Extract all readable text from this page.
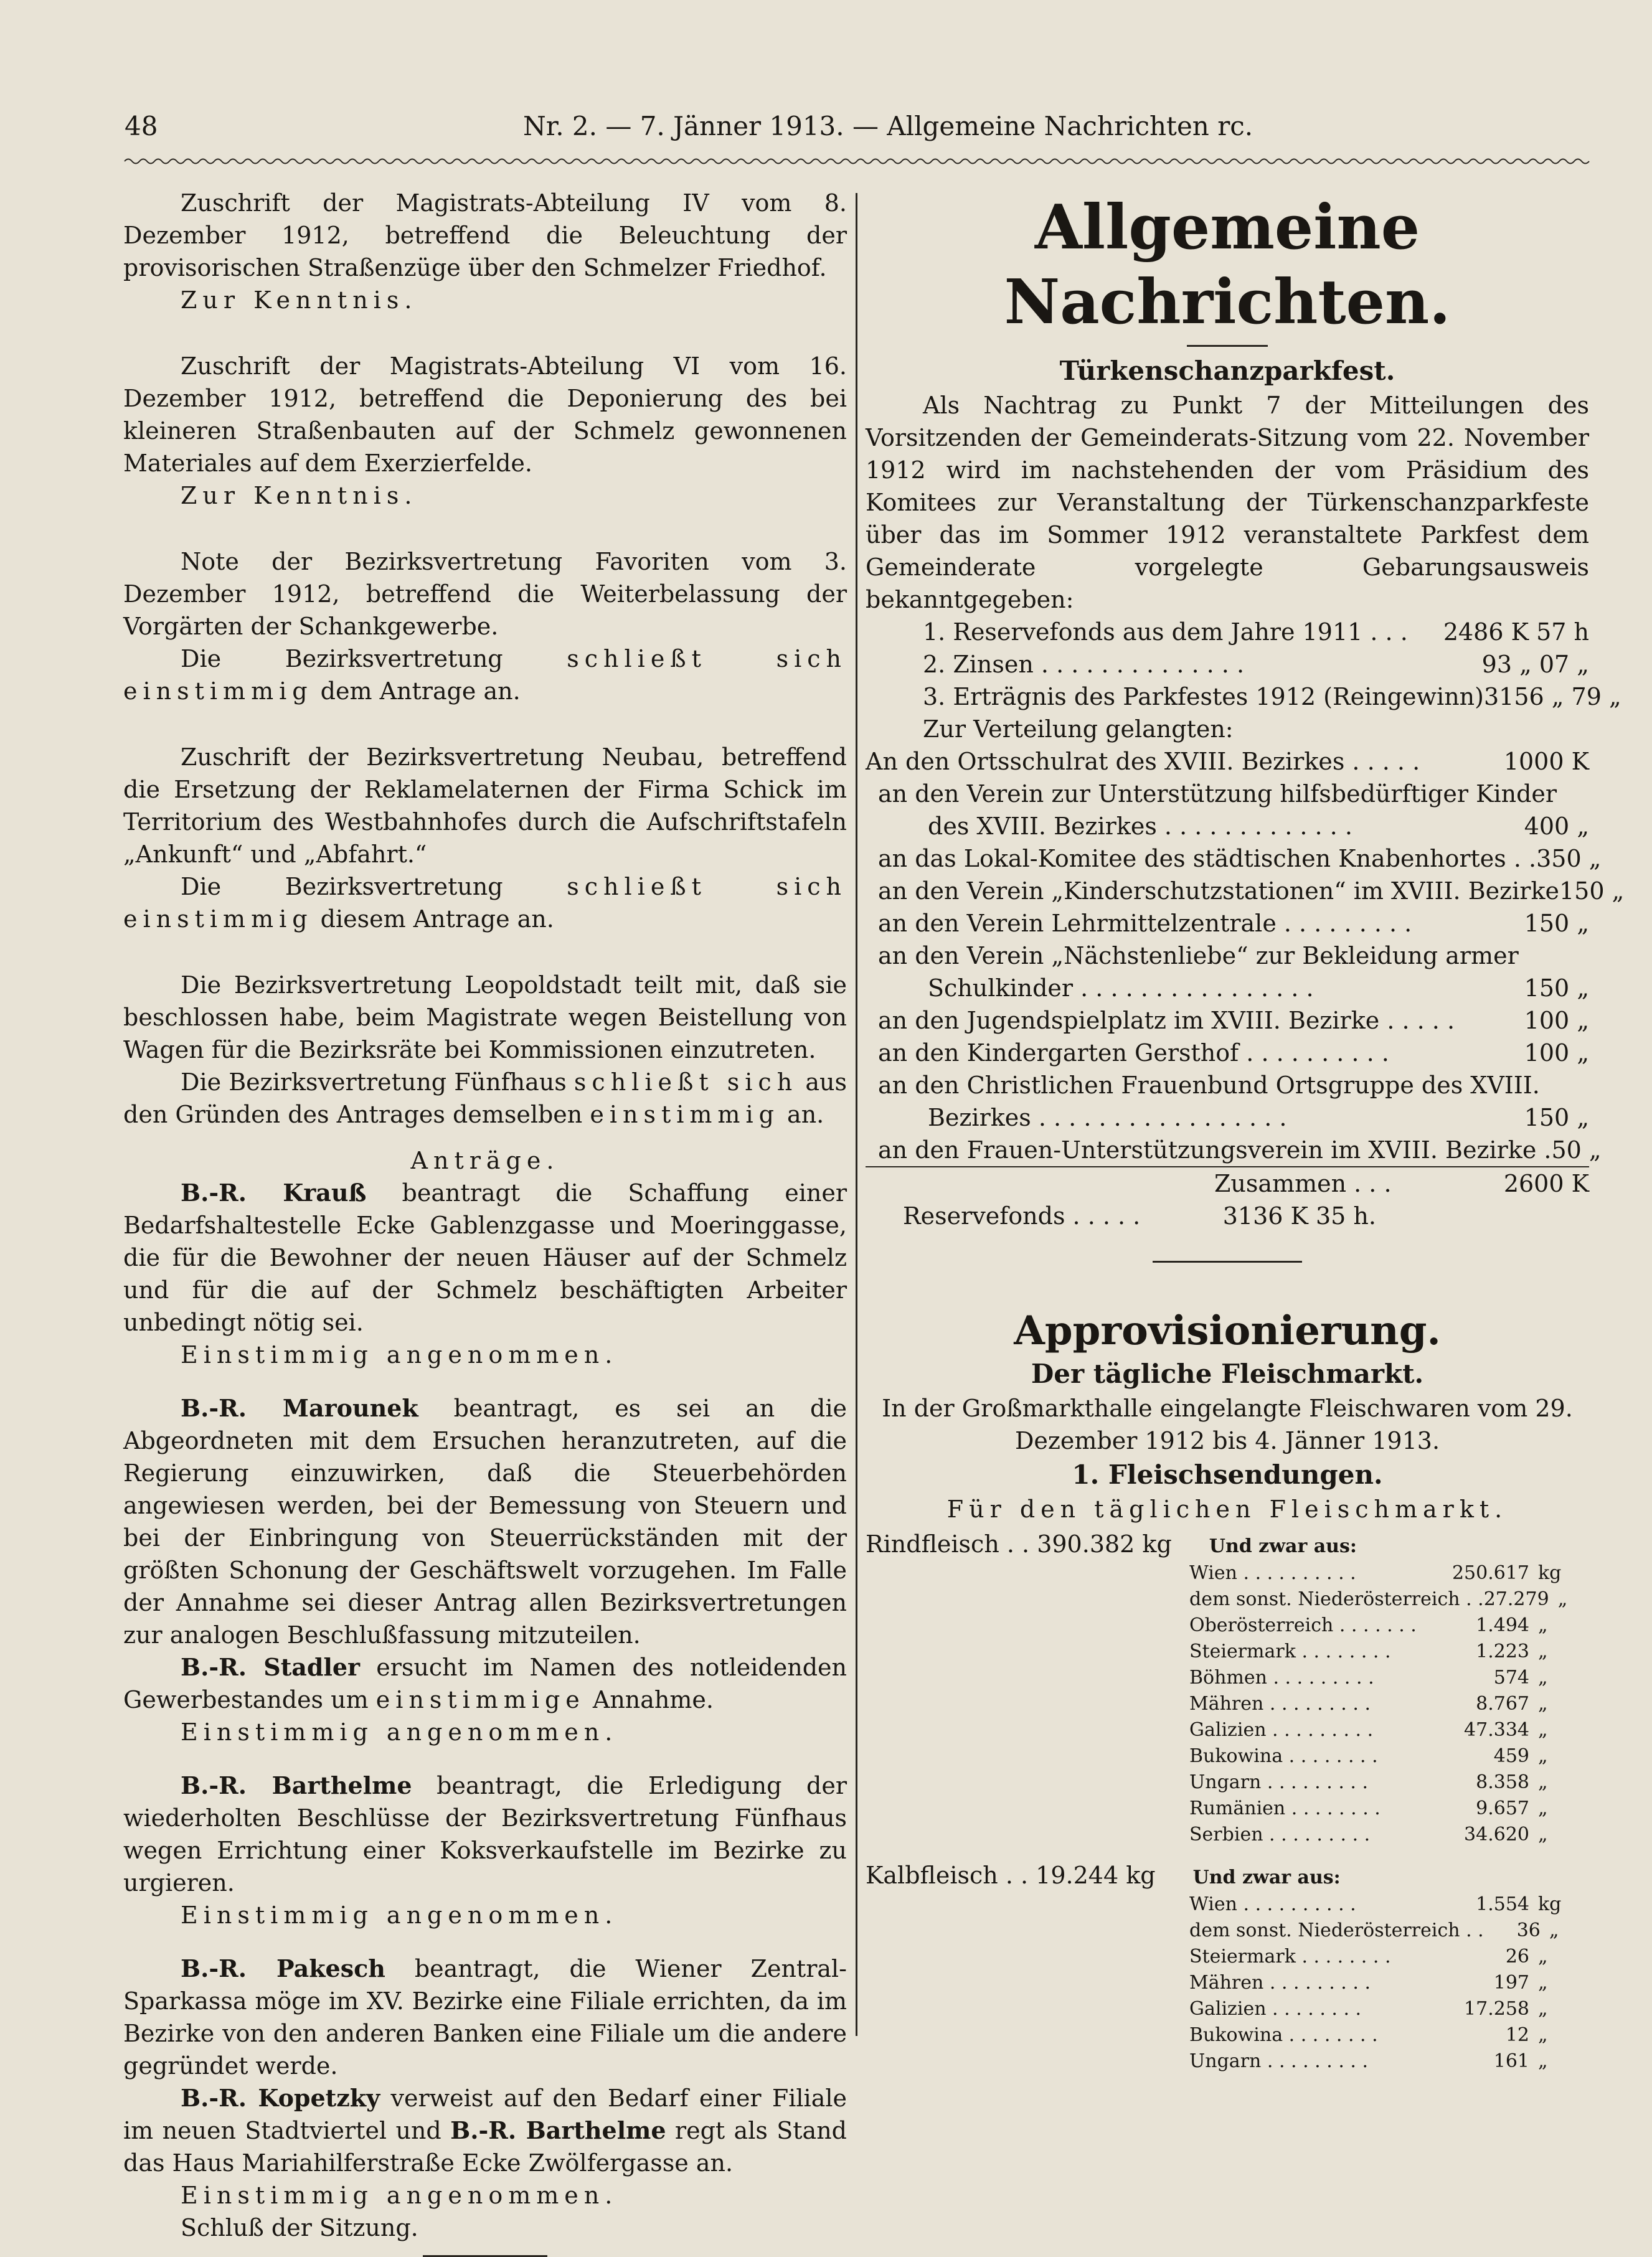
48	Nr. 2. — 7. Jänner 1913. — Allgemeine Nachrichten rc.

Zuschrift der Magistrats-Abteilung IV vom 8. Dezember 1912, betreffend die Beleuchtung der provisorischen Straßenzüge über den Schmelzer Friedhof.

Zur Kenntnis.

Zuschrift der Magistrats-Abteilung VI vom 16. Dezember 1912, betreffend die Deponierung des bei kleineren Straßenbauten auf der Schmelz gewonnenen Materiales auf dem Exerzierfelde.

Zur Kenntnis.

Note der Bezirksvertretung Favoriten vom 3. Dezember 1912, betreffend die Weiterbelassung der Vorgärten der Schankgewerbe.

Die Bezirksvertretung schließt sich einstimmig dem Antrage an.

Zuschrift der Bezirksvertretung Neubau, betreffend die Ersetzung der Reklamelaternen der Firma Schick im Territorium des Westbahnhofes durch die Aufschriftstafeln „Ankunft“ und „Abfahrt.“

Die Bezirksvertretung schließt sich einstimmig diesem Antrage an.

Die Bezirksvertretung Leopoldstadt teilt mit, daß sie beschlossen habe, beim Magistrate wegen Beistellung von Wagen für die Bezirksräte bei Kommissionen einzutreten.

Die Bezirksvertretung Fünfhaus schließt sich aus den Gründen des Antrages demselben einstimmig an.

Anträge.

B.-R. Krauß beantragt die Schaffung einer Bedarfshaltestelle Ecke Gablenzgasse und Moeringgasse, die für die Bewohner der neuen Häuser auf der Schmelz und für die auf der Schmelz beschäftigten Arbeiter unbedingt nötig sei.

Einstimmig angenommen.

B.-R. Marounek beantragt, es sei an die Abgeordneten mit dem Ersuchen heranzutreten, auf die Regierung einzuwirken, daß die Steuerbehörden angewiesen werden, bei der Bemessung von Steuern und bei der Einbringung von Steuerrückständen mit der größten Schonung der Geschäftswelt vorzugehen. Im Falle der Annahme sei dieser Antrag allen Bezirksvertretungen zur analogen Beschlußfassung mitzuteilen.

B.-R. Stadler ersucht im Namen des notleidenden Gewerbestandes um einstimmige Annahme.

Einstimmig angenommen.

B.-R. Barthelme beantragt, die Erledigung der wiederholten Beschlüsse der Bezirksvertretung Fünfhaus wegen Errichtung einer Koksverkaufstelle im Bezirke zu urgieren.

Einstimmig angenommen.

B.-R. Pakesch beantragt, die Wiener Zentral-Sparkassa möge im XV. Bezirke eine Filiale errichten, da im Bezirke von den anderen Banken eine Filiale um die andere gegründet werde.

B.-R. Kopetzky verweist auf den Bedarf einer Filiale im neuen Stadtviertel und B.-R. Barthelme regt als Stand das Haus Mariahilferstraße Ecke Zwölfergasse an.

Einstimmig angenommen.

Schluß der Sitzung.

Allgemeine Nachrichten.
Türkenschanzparkfest.

Als Nachtrag zu Punkt 7 der Mitteilungen des Vorsitzenden der Gemeinderats-Sitzung vom 22. November 1912 wird im nachstehenden der vom Präsidium des Komitees zur Veranstaltung der Türkenschanzparkfeste über das im Sommer 1912 veranstaltete Parkfest dem Gemeinderate vorgelegte Gebarungsausweis bekanntgegeben:

1. Reservefonds aus dem Jahre 1911 . . .	2486 K 57 h
2. Zinsen . . . . . . . . . . . . . .	93 „ 07 „
3. Erträgnis des Parkfestes 1912 (Reingewinn) 3156 „ 79 „

Zur Verteilung gelangten:

An den Ortsschulrat des XVIII. Bezirkes . . . . .	1000 K
an den Verein zur Unterstützung hilfsbedürftiger Kinder
des XVIII. Bezirkes . . . . . . . . . . . . .	400 „
an das Lokal-Komitee des städtischen Knabenhortes . . 350 „
an den Verein „Kinderschutzstationen“ im XVIII. Bezirke 150 „
an den Verein Lehrmittelzentrale . . . . . . . . .	150 „
an den Verein „Nächstenliebe“ zur Bekleidung armer
Schulkinder . . . . . . . . . . . . . . . .	150 „
an den Jugendspielplatz im XVIII. Bezirke . . . . .	100 „
an den Kindergarten Gersthof . . . . . . . . . .	100 „
an den Christlichen Frauenbund Ortsgruppe des XVIII.
Bezirkes . . . . . . . . . . . . . . . . .	150 „
an den Frauen-Unterstützungsverein im XVIII. Bezirke . 50 „
Zusammen . . .	2600 K
Reservefonds . . . . .	3136 K 35 h.
Approvisionierung.
Der tägliche Fleischmarkt.

In der Großmarkthalle eingelangte Fleischwaren vom 29. Dezember 1912 bis 4. Jänner 1913.

1. Fleischsendungen.

Für den täglichen Fleischmarkt.

Rindfleisch . . 390.382 kg Und zwar aus:
Wien . . . . . . . . . .	250.617 kg
dem sonst. Niederösterreich . . 27.279 „
Oberösterreich . . . . . . .	1.494 „
Steiermark . . . . . . . .	1.223 „
Böhmen . . . . . . . . .	574 „
Mähren . . . . . . . . .	8.767 „
Galizien . . . . . . . . .	47.334 „
Bukowina . . . . . . . .	459 „
Ungarn . . . . . . . . .	8.358 „
Rumänien . . . . . . . .	9.657 „
Serbien . . . . . . . . .	34.620 „
Kalbfleisch . . 19.244 kg Und zwar aus:
Wien . . . . . . . . . .	1.554 kg
dem sonst. Niederösterreich . .	36 „
Steiermark . . . . . . . .	26 „
Mähren . . . . . . . . .	197 „
Galizien . . . . . . . .	17.258 „
Bukowina . . . . . . . .	12 „
Ungarn . . . . . . . . .	161 „
